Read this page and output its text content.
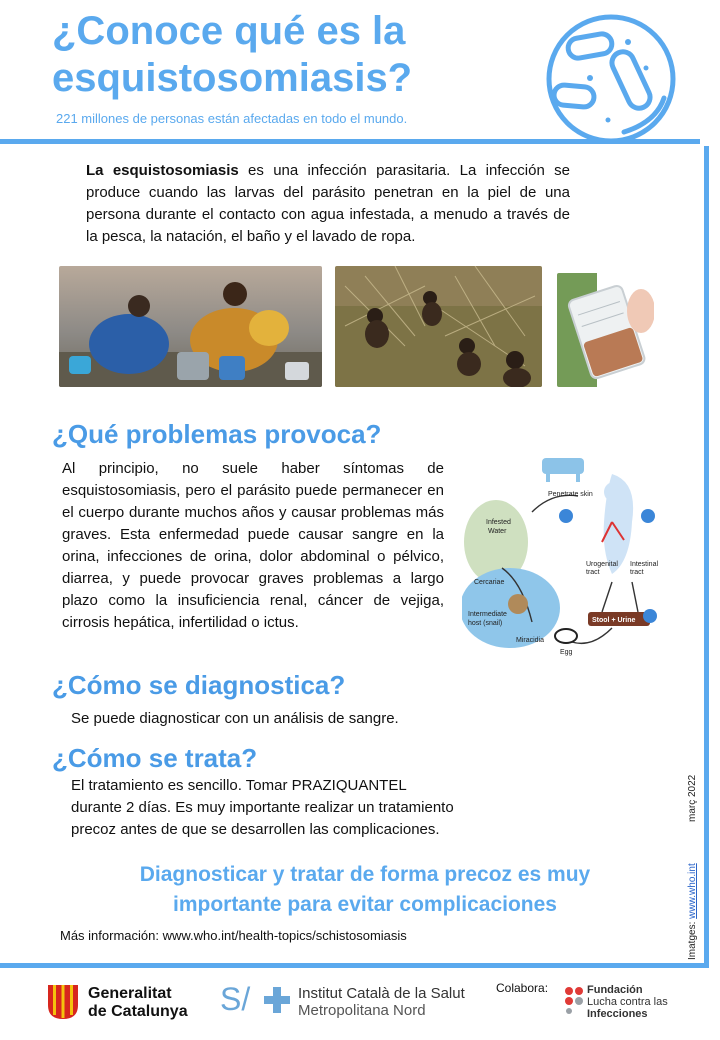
¿Conoce qué es la
esquistosomiasis?
221 millones de personas están afectadas en todo el mundo.

La esquistosomiasis es una infección parasitaria. La infección se produce cuando las larvas del parásito penetran en la piel de una persona durante el contacto con agua infestada, a menudo a través de la pesca, la natación, el baño y el lavado de ropa.

¿Qué problemas provoca?

Al principio, no suele haber síntomas de esquistosomiasis, pero el parásito puede permanecer en el cuerpo durante muchos años y causar problemas más graves. Esta enfermedad puede causar sangre en la orina, infecciones de orina, dolor abdominal o pélvico, diarrea, y puede provocar graves problemas a largo plazo como la insuficiencia renal, cáncer de vejiga, cirrosis hepática, infertilidad o ictus.

Penetrate skin
Infested
Water
Cercariae
Intermediate
host (snail)
Miracidia
Egg
Urogenital
tract
Intestinal
tract
Stool + Urine
¿Cómo se diagnostica?
Se puede diagnosticar con un análisis de sangre.
¿Cómo se trata?
El tratamiento es sencillo. Tomar PRAZIQUANTEL
durante 2 días. Es muy importante realizar un tratamiento
precoz antes de que se desarrollen las complicaciones.
Diagnosticar y tratar de forma precoz es muy
importante para evitar complicaciones
Más información: www.who.int/health-topics/schistosomiasis	Imatges: www.who.int
març 2022
Generalitat
de Catalunya S/	Institut Català de la Salut
Metropolitana Nord
Colabora:	Fundación
Lucha contra las
Infecciones
